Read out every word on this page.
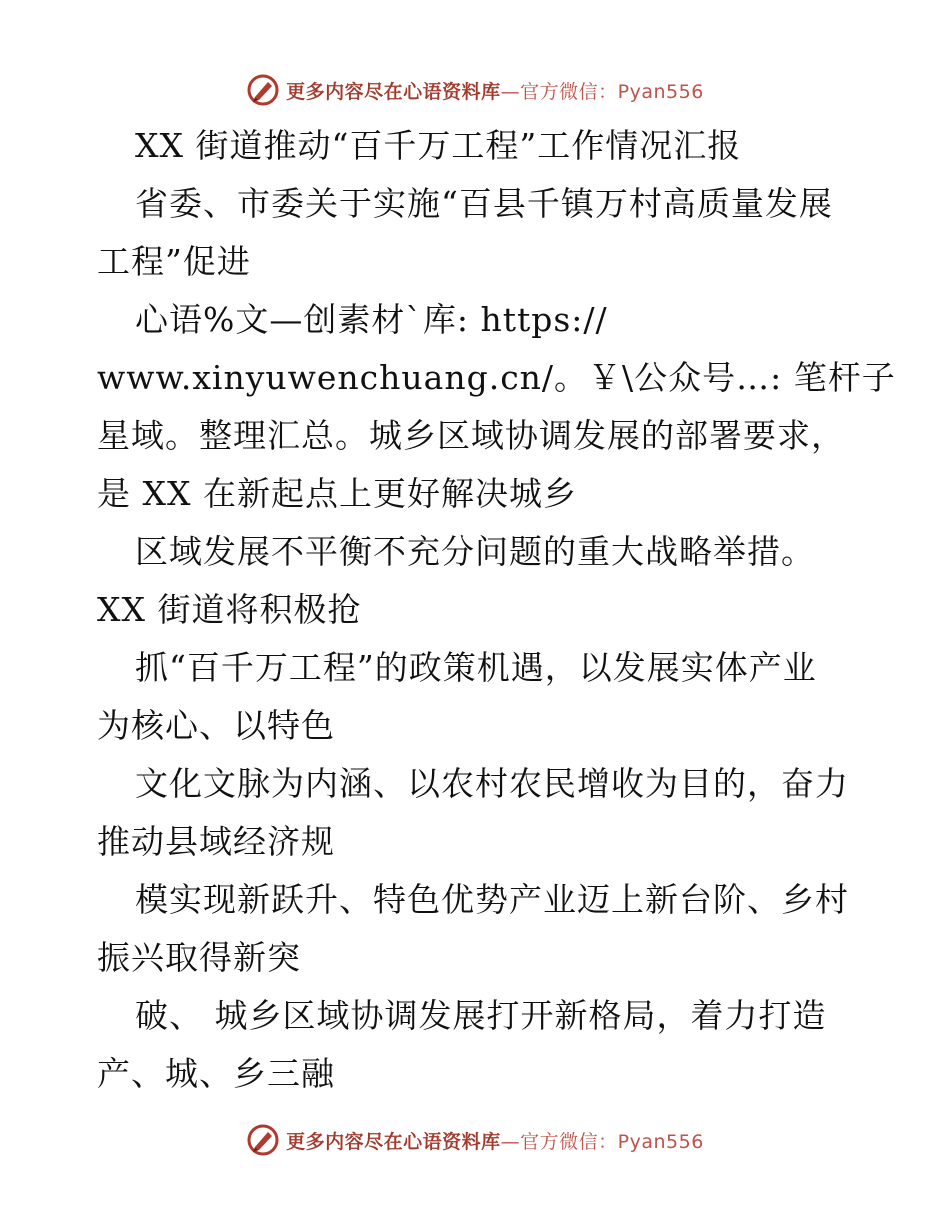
更多内容尽在心语资料库—官方微信：Pyan556
XX 街道推动“百千万工程”工作情况汇报
省委、市委关于实施“百县千镇万村高质量发展
工程”促进
心语%文—创素材`库: https://
www.xinyuwenchuang.cn/。￥\公众号…: 笔杆子
星域。整理汇总。城乡区域协调发展的部署要求，
是 XX 在新起点上更好解决城乡
区域发展不平衡不充分问题的重大战略举措。
XX 街道将积极抢
抓“百千万工程”的政策机遇，以发展实体产业
为核心、以特色
文化文脉为内涵、以农村农民增收为目的，奋力
推动县域经济规
模实现新跃升、特色优势产业迈上新台阶、乡村
振兴取得新突
破、 城乡区域协调发展打开新格局，着力打造
产、城、乡三融
更多内容尽在心语资料库—官方微信：Pyan556
